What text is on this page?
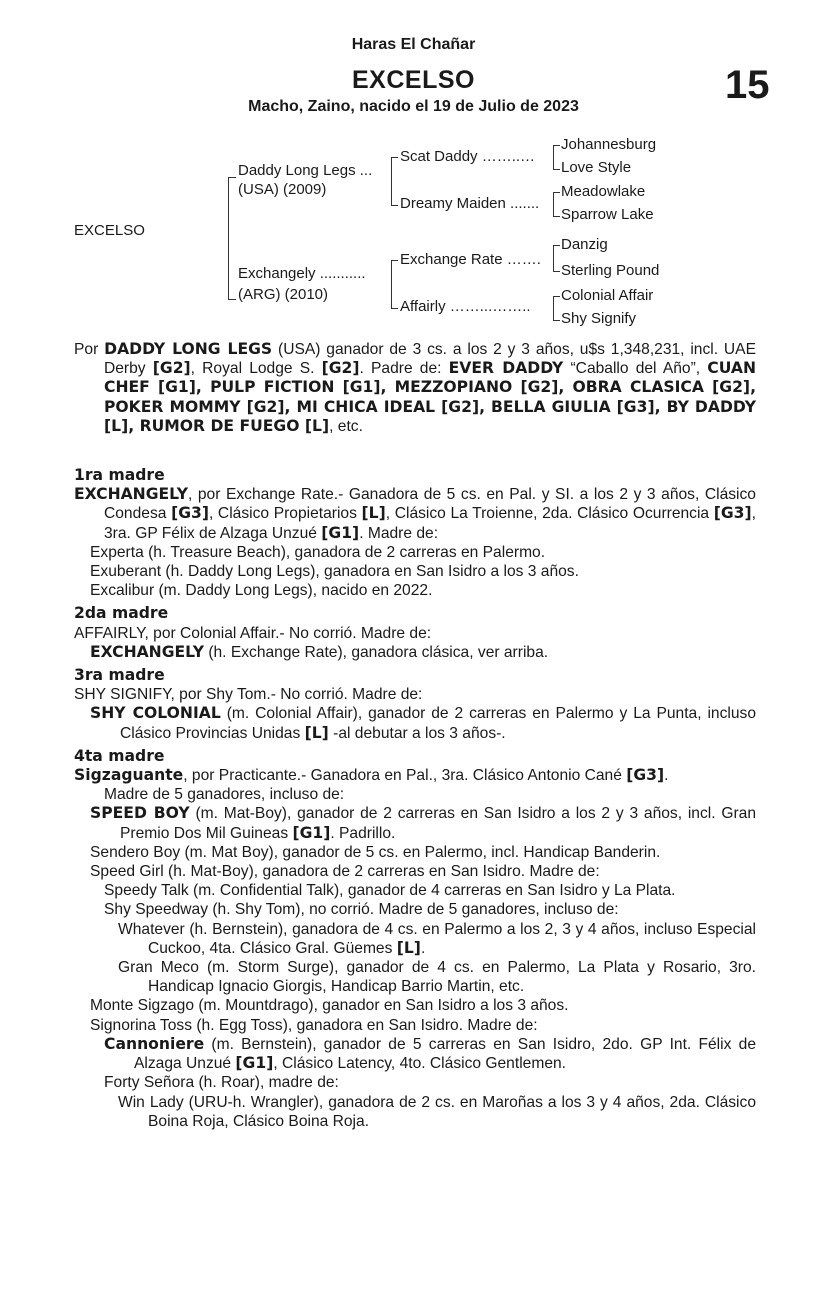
Haras El Chañar
EXCELSO	15
Macho, Zaino, nacido el 19 de Julio de 2023
EXCELSO
Daddy Long Legs ...
(USA) (2009)
Exchangely ...........
(ARG) (2010)
Scat Daddy ……..…
Dreamy Maiden .......
Exchange Rate …….
Affairly ……...……..
Johannesburg
Love Style
Meadowlake
Sparrow Lake
Danzig
Sterling Pound
Colonial Affair
Shy Signify

Por DADDY LONG LEGS (USA) ganador de 3 cs. a los 2 y 3 años, u$s 1,348,231, incl. UAE Derby [G2], Royal Lodge S. [G2]. Padre de: EVER DADDY “Caballo del Año”, CUAN CHEF [G1], PULP FICTION [G1], MEZZOPIANO [G2], OBRA CLASICA [G2], POKER MOMMY [G2], MI CHICA IDEAL [G2], BELLA GIULIA [G3], BY DADDY [L], RUMOR DE FUEGO [L], etc.

1ra madre

EXCHANGELY, por Exchange Rate.- Ganadora de 5 cs. en Pal. y SI. a los 2 y 3 años, Clásico Condesa [G3], Clásico Propietarios [L], Clásico La Troienne, 2da. Clásico Ocurrencia [G3], 3ra. GP Félix de Alzaga Unzué [G1]. Madre de:

Experta (h. Treasure Beach), ganadora de 2 carreras en Palermo.

Exuberant (h. Daddy Long Legs), ganadora en San Isidro a los 3 años.

Excalibur (m. Daddy Long Legs), nacido en 2022.

2da madre

AFFAIRLY, por Colonial Affair.- No corrió. Madre de:

EXCHANGELY (h. Exchange Rate), ganadora clásica, ver arriba.

3ra madre

SHY SIGNIFY, por Shy Tom.- No corrió. Madre de:

SHY COLONIAL (m. Colonial Affair), ganador de 2 carreras en Palermo y La Punta, incluso Clásico Provincias Unidas [L] -al debutar a los 3 años-.

4ta madre

Sigzaguante, por Practicante.- Ganadora en Pal., 3ra. Clásico Antonio Cané [G3].

Madre de 5 ganadores, incluso de:

SPEED BOY (m. Mat-Boy), ganador de 2 carreras en San Isidro a los 2 y 3 años, incl. Gran Premio Dos Mil Guineas [G1]. Padrillo.

Sendero Boy (m. Mat Boy), ganador de 5 cs. en Palermo, incl. Handicap Banderin.

Speed Girl (h. Mat-Boy), ganadora de 2 carreras en San Isidro. Madre de:

Speedy Talk (m. Confidential Talk), ganador de 4 carreras en San Isidro y La Plata.

Shy Speedway (h. Shy Tom), no corrió. Madre de 5 ganadores, incluso de:

Whatever (h. Bernstein), ganadora de 4 cs. en Palermo a los 2, 3 y 4 años, incluso Especial Cuckoo, 4ta. Clásico Gral. Güemes [L].

Gran Meco (m. Storm Surge), ganador de 4 cs. en Palermo, La Plata y Rosario, 3ro. Handicap Ignacio Giorgis, Handicap Barrio Martin, etc.

Monte Sigzago (m. Mountdrago), ganador en San Isidro a los 3 años.

Signorina Toss (h. Egg Toss), ganadora en San Isidro. Madre de:

Cannoniere (m. Bernstein), ganador de 5 carreras en San Isidro, 2do. GP Int. Félix de Alzaga Unzué [G1], Clásico Latency, 4to. Clásico Gentlemen.

Forty Señora (h. Roar), madre de:

Win Lady (URU-h. Wrangler), ganadora de 2 cs. en Maroñas a los 3 y 4 años, 2da. Clásico Boina Roja, Clásico Boina Roja.
